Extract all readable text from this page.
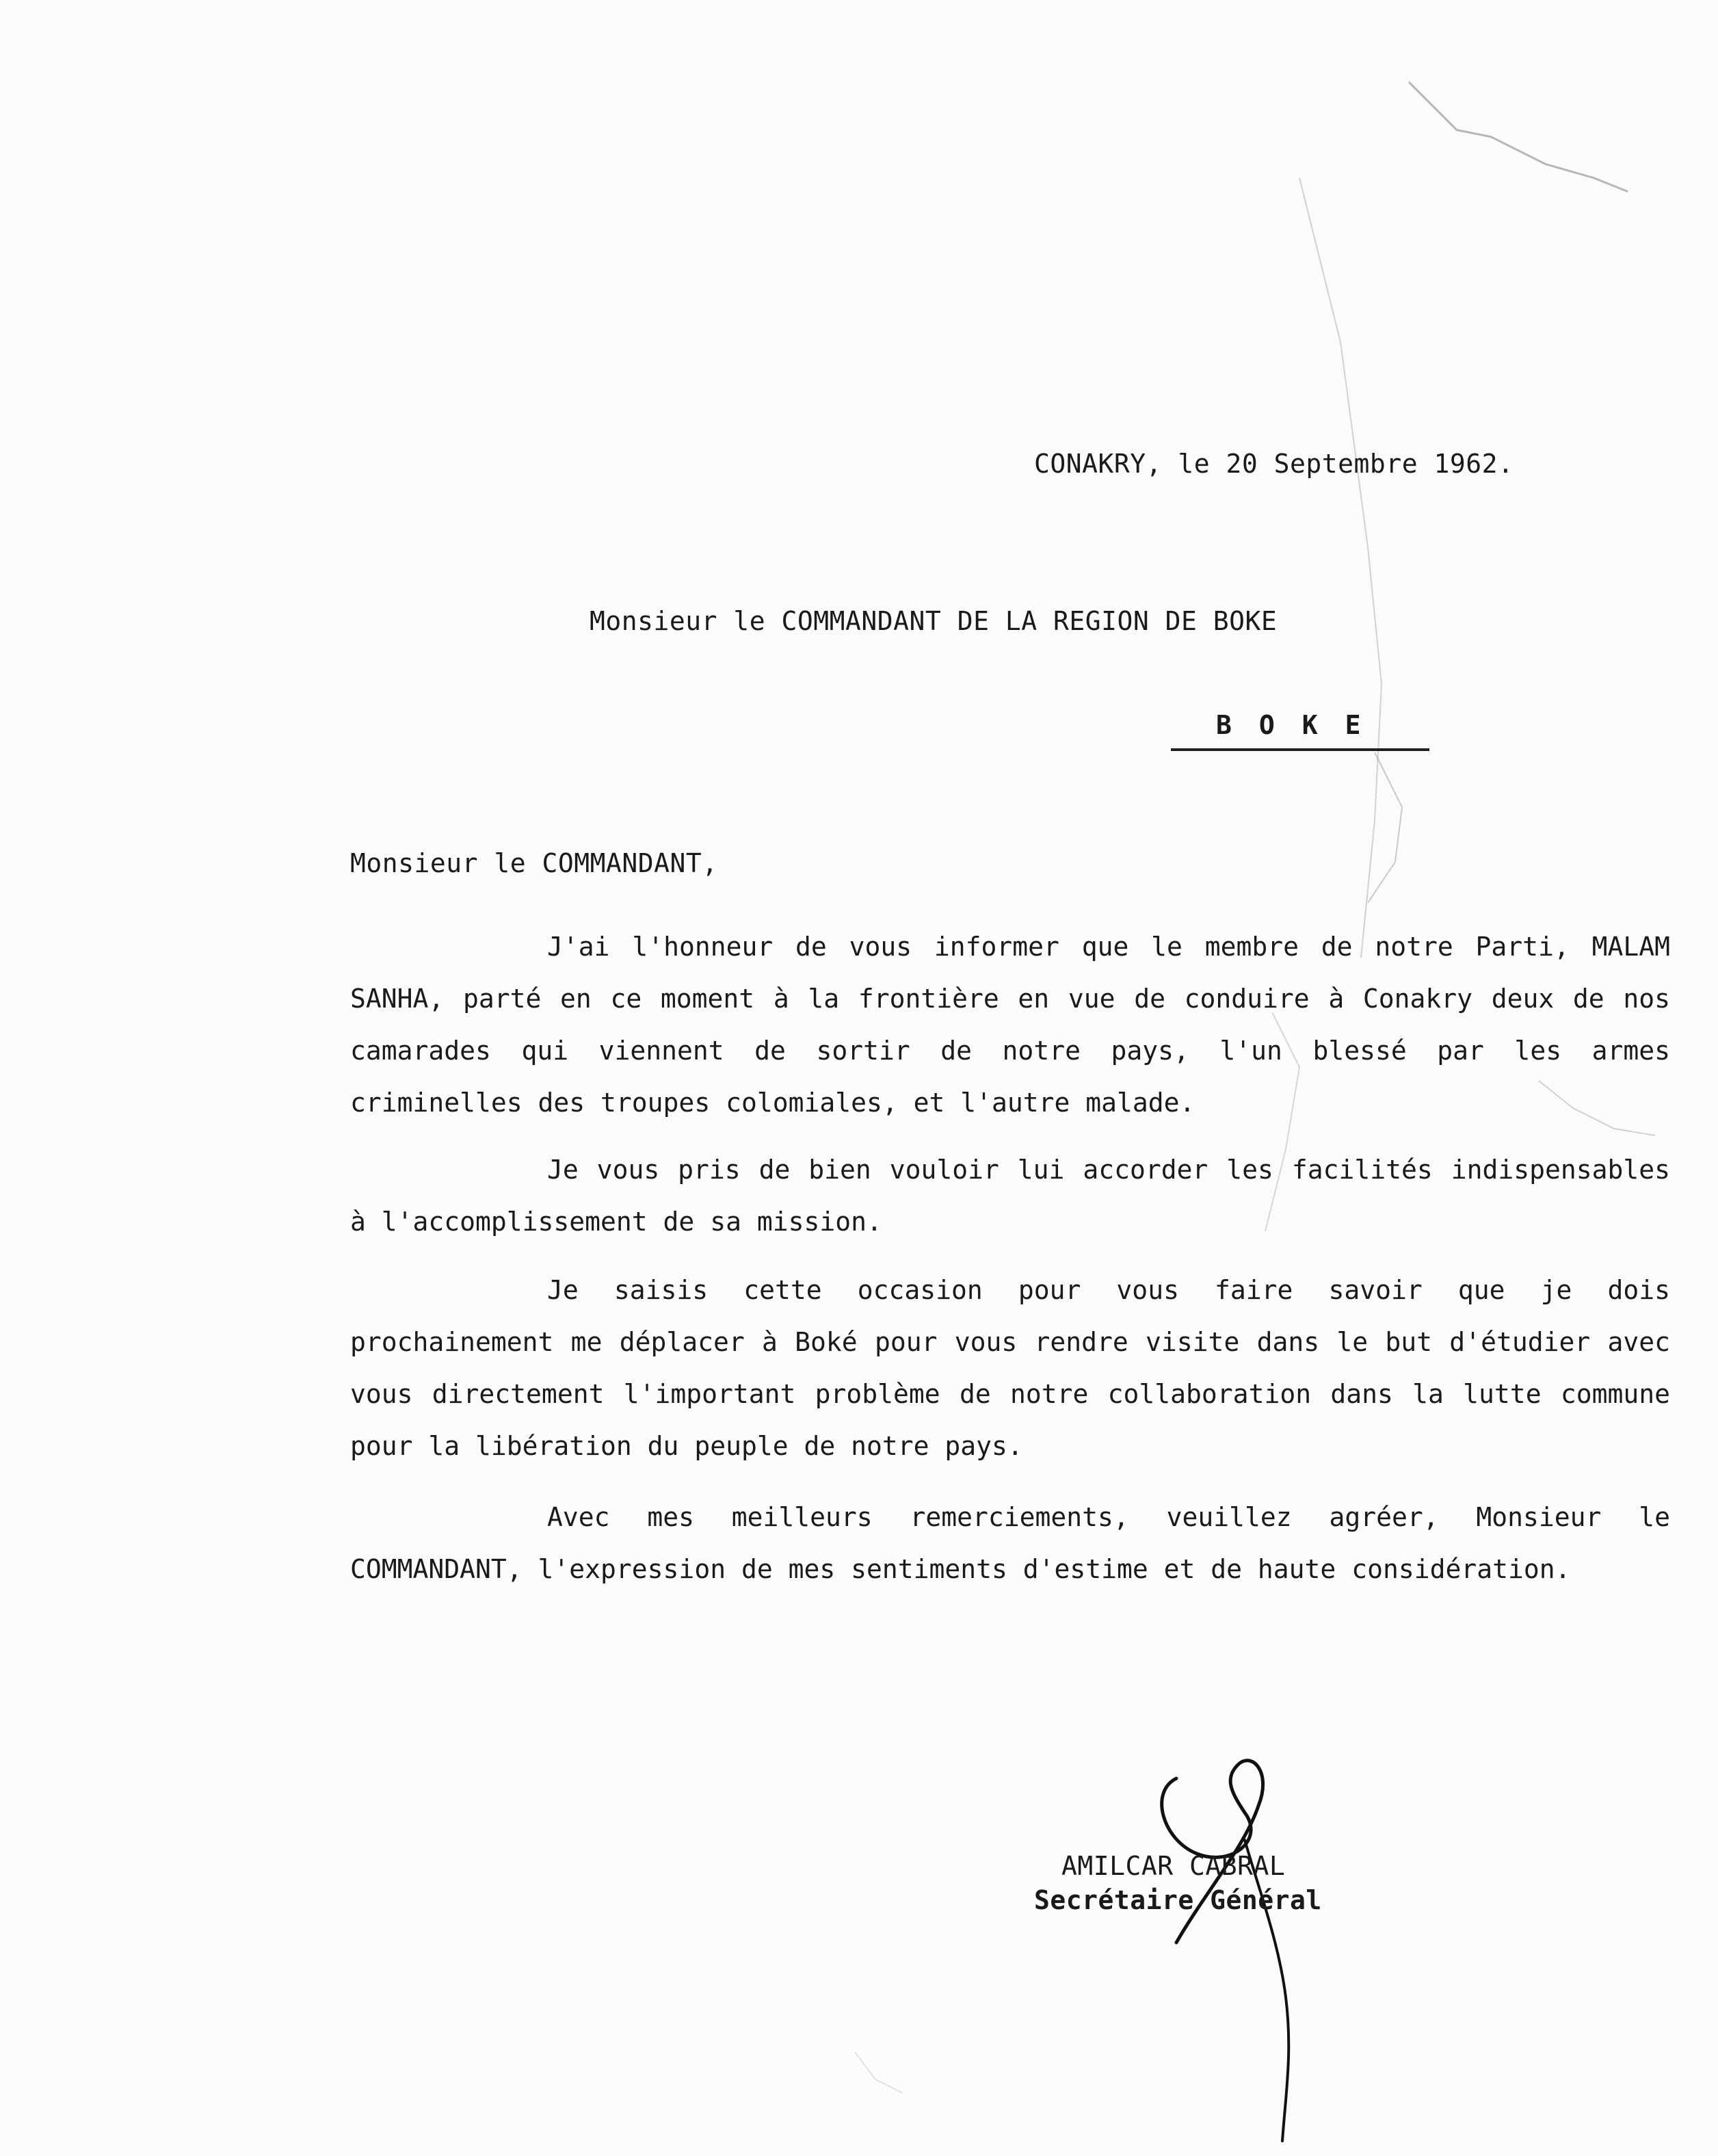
CONAKRY, le 20 Septembre 1962.
Monsieur le COMMANDANT DE LA REGION DE BOKE
BOKE
Monsieur le COMMANDANT,
J'ai l'honneur de vous informer que le membre de notre Parti, MALAM SANHA, parté en ce moment à la frontière en vue de conduire à Conakry deux de nos camarades qui viennent de sortir de notre pays, l'un blessé par les armes criminelles des troupes colomiales, et l'autre malade.
Je vous pris de bien vouloir lui accorder les facilités indispensables à l'accomplissement de sa mission.
Je saisis cette occasion pour vous faire savoir que je dois prochainement me déplacer à Boké pour vous rendre visite dans le but d'étudier avec vous directement l'important problème de notre collaboration dans la lutte commune pour la libération du peuple de notre pays.
Avec mes meilleurs remerciements, veuillez agréer, Monsieur le COMMANDANT, l'expression de mes sentiments d'estime et de haute considération.
AMILCAR CABRAL
Secrétaire Général
